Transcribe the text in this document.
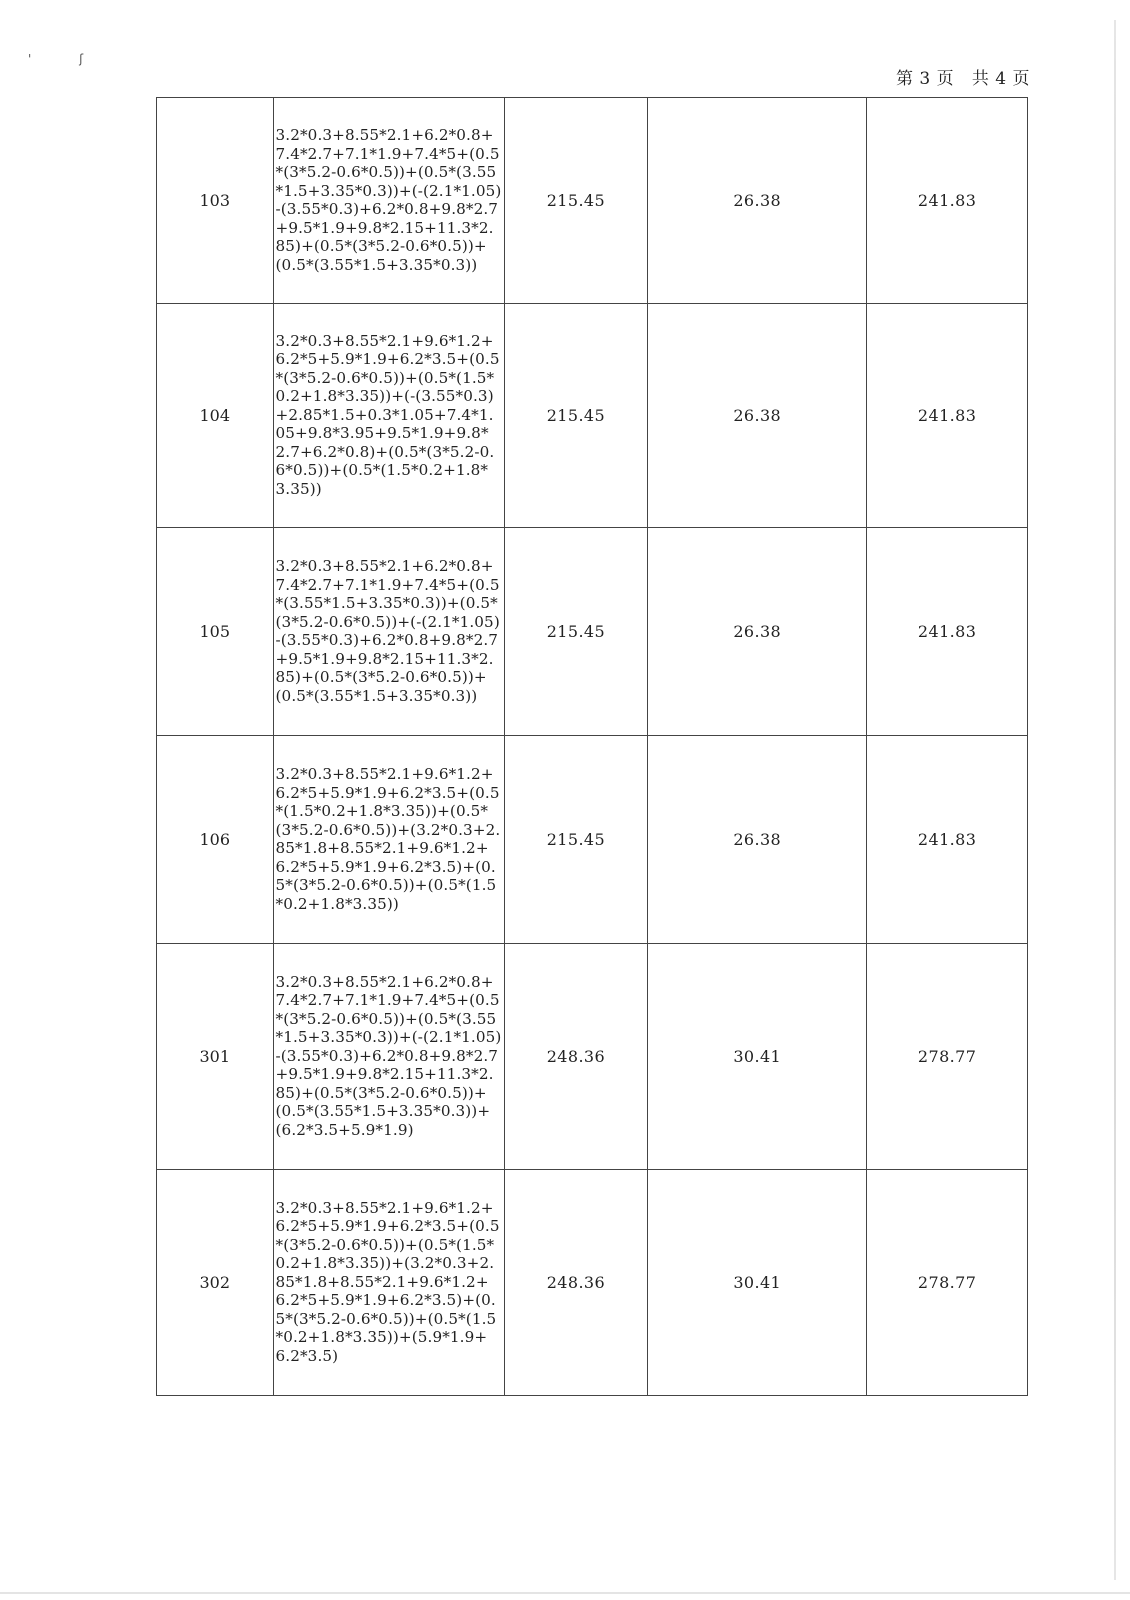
' ʃ
第 3 页   共 4 页
103	3.2*0.3+8.55*2.1+6.2*0.8+7.4*2.7+7.1*1.9+7.4*5+(0.5*(3*5.2-0.6*0.5))+(0.5*(3.55*1.5+3.35*0.3))+(-(2.1*1.05)-(3.55*0.3)+6.2*0.8+9.8*2.7+9.5*1.9+9.8*2.15+11.3*2.85)+(0.5*(3*5.2-0.6*0.5))+(0.5*(3.55*1.5+3.35*0.3))	215.45	26.38	241.83
104	3.2*0.3+8.55*2.1+9.6*1.2+6.2*5+5.9*1.9+6.2*3.5+(0.5*(3*5.2-0.6*0.5))+(0.5*(1.5*0.2+1.8*3.35))+(-(3.55*0.3)+2.85*1.5+0.3*1.05+7.4*1.05+9.8*3.95+9.5*1.9+9.8*2.7+6.2*0.8)+(0.5*(3*5.2-0.6*0.5))+(0.5*(1.5*0.2+1.8*3.35))	215.45	26.38	241.83
105	3.2*0.3+8.55*2.1+6.2*0.8+7.4*2.7+7.1*1.9+7.4*5+(0.5*(3.55*1.5+3.35*0.3))+(0.5*(3*5.2-0.6*0.5))+(-(2.1*1.05)-(3.55*0.3)+6.2*0.8+9.8*2.7+9.5*1.9+9.8*2.15+11.3*2.85)+(0.5*(3*5.2-0.6*0.5))+(0.5*(3.55*1.5+3.35*0.3))	215.45	26.38	241.83
106	3.2*0.3+8.55*2.1+9.6*1.2+6.2*5+5.9*1.9+6.2*3.5+(0.5*(1.5*0.2+1.8*3.35))+(0.5*(3*5.2-0.6*0.5))+(3.2*0.3+2.85*1.8+8.55*2.1+9.6*1.2+6.2*5+5.9*1.9+6.2*3.5)+(0.5*(3*5.2-0.6*0.5))+(0.5*(1.5*0.2+1.8*3.35))	215.45	26.38	241.83
301	3.2*0.3+8.55*2.1+6.2*0.8+7.4*2.7+7.1*1.9+7.4*5+(0.5*(3*5.2-0.6*0.5))+(0.5*(3.55*1.5+3.35*0.3))+(-(2.1*1.05)-(3.55*0.3)+6.2*0.8+9.8*2.7+9.5*1.9+9.8*2.15+11.3*2.85)+(0.5*(3*5.2-0.6*0.5))+(0.5*(3.55*1.5+3.35*0.3))+(6.2*3.5+5.9*1.9)	248.36	30.41	278.77
302	3.2*0.3+8.55*2.1+9.6*1.2+6.2*5+5.9*1.9+6.2*3.5+(0.5*(3*5.2-0.6*0.5))+(0.5*(1.5*0.2+1.8*3.35))+(3.2*0.3+2.85*1.8+8.55*2.1+9.6*1.2+6.2*5+5.9*1.9+6.2*3.5)+(0.5*(3*5.2-0.6*0.5))+(0.5*(1.5*0.2+1.8*3.35))+(5.9*1.9+6.2*3.5)	248.36	30.41	278.77
